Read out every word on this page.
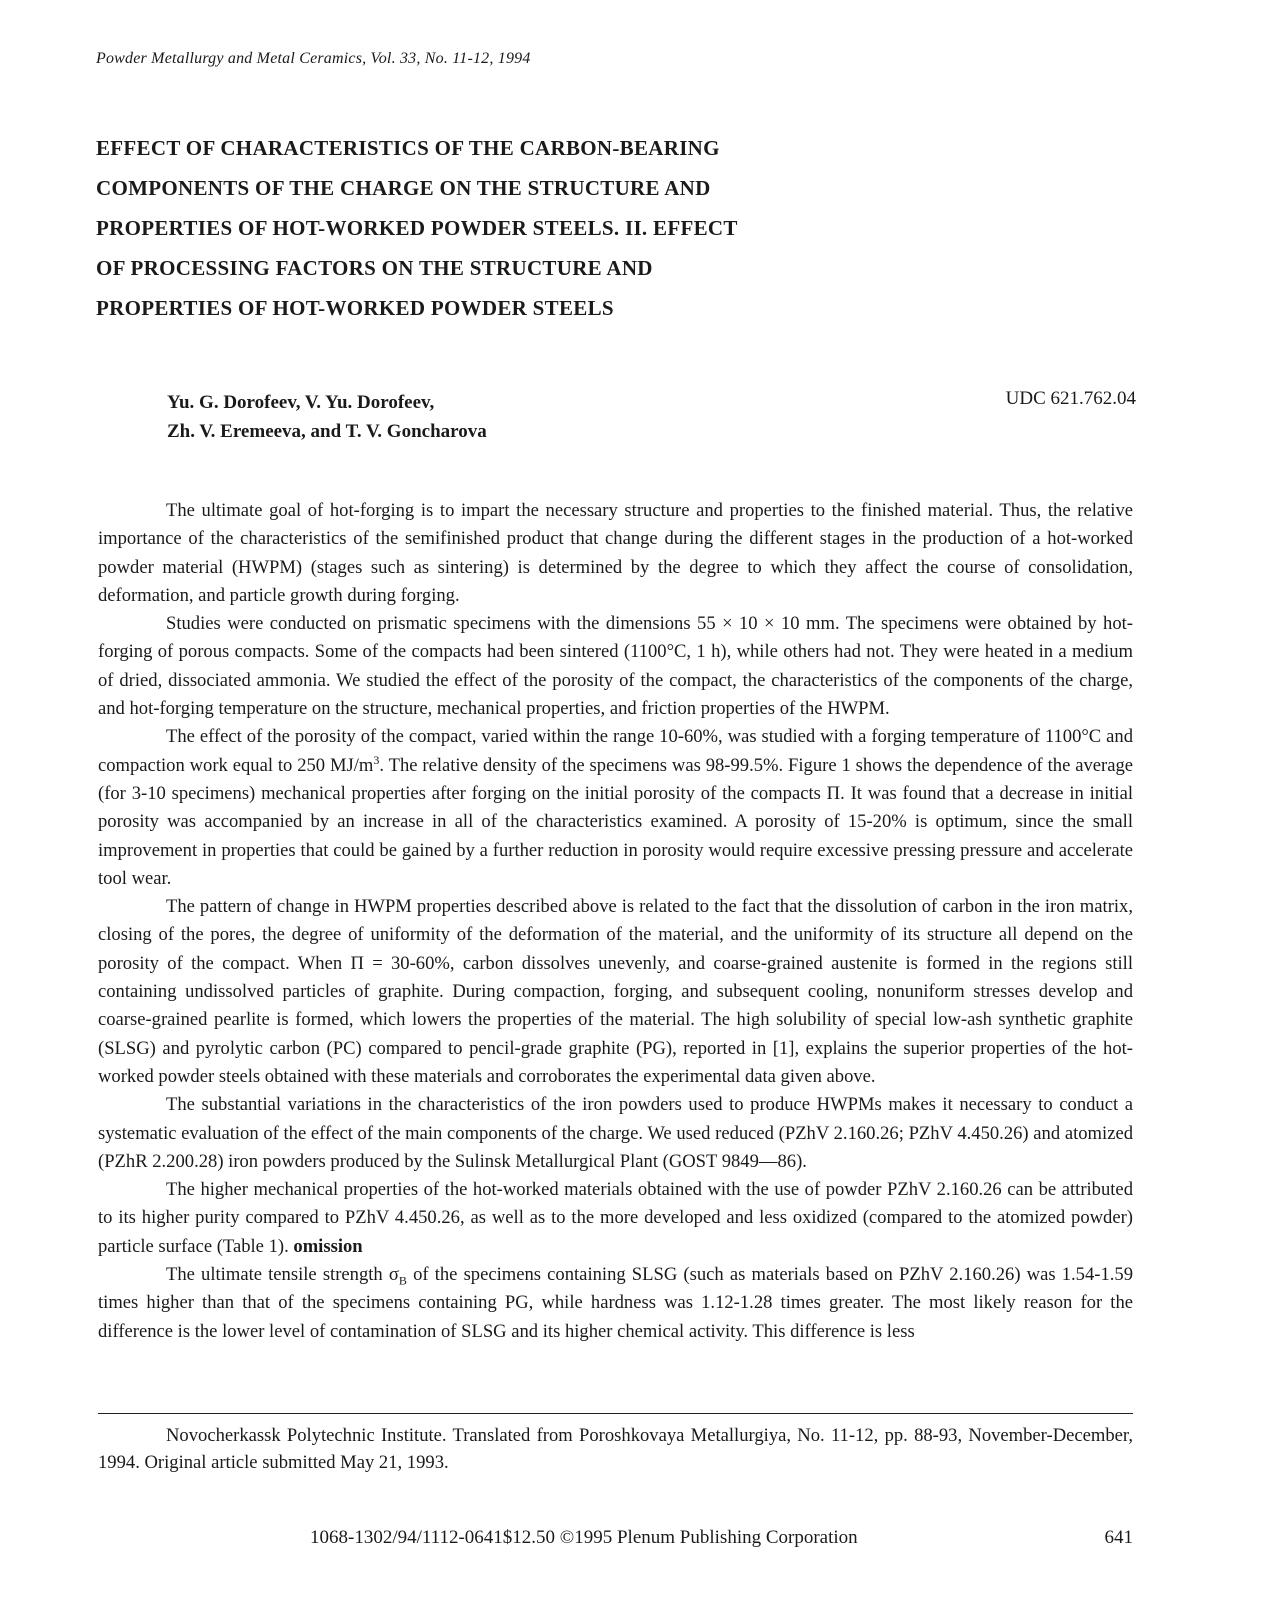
Powder Metallurgy and Metal Ceramics, Vol. 33, No. 11-12, 1994
EFFECT OF CHARACTERISTICS OF THE CARBON-BEARING
COMPONENTS OF THE CHARGE ON THE STRUCTURE AND
PROPERTIES OF HOT-WORKED POWDER STEELS. II. EFFECT
OF PROCESSING FACTORS ON THE STRUCTURE AND
PROPERTIES OF HOT-WORKED POWDER STEELS
Yu. G. Dorofeev, V. Yu. Dorofeev,
Zh. V. Eremeeva, and T. V. Goncharova
UDC 621.762.04

The ultimate goal of hot-forging is to impart the necessary structure and properties to the finished material. Thus, the relative importance of the characteristics of the semifinished product that change during the different stages in the production of a hot-worked powder material (HWPM) (stages such as sintering) is determined by the degree to which they affect the course of consolidation, deformation, and particle growth during forging.

Studies were conducted on prismatic specimens with the dimensions 55 × 10 × 10 mm. The specimens were obtained by hot-forging of porous compacts. Some of the compacts had been sintered (1100°C, 1 h), while others had not. They were heated in a medium of dried, dissociated ammonia. We studied the effect of the porosity of the compact, the characteristics of the components of the charge, and hot-forging temperature on the structure, mechanical properties, and friction properties of the HWPM.

The effect of the porosity of the compact, varied within the range 10-60%, was studied with a forging temperature of 1100°C and compaction work equal to 250 $MJ/m^3$. The relative density of the specimens was 98-99.5%. Figure 1 shows the dependence of the average (for 3-10 specimens) mechanical properties after forging on the initial porosity of the compacts Π. It was found that a decrease in initial porosity was accompanied by an increase in all of the characteristics examined. A porosity of 15-20% is optimum, since the small improvement in properties that could be gained by a further reduction in porosity would require excessive pressing pressure and accelerate tool wear.

The pattern of change in HWPM properties described above is related to the fact that the dissolution of carbon in the iron matrix, closing of the pores, the degree of uniformity of the deformation of the material, and the uniformity of its structure all depend on the porosity of the compact. When Π = 30-60%, carbon dissolves unevenly, and coarse-grained austenite is formed in the regions still containing undissolved particles of graphite. During compaction, forging, and subsequent cooling, nonuniform stresses develop and coarse-grained pearlite is formed, which lowers the properties of the material. The high solubility of special low-ash synthetic graphite (SLSG) and pyrolytic carbon (PC) compared to pencil-grade graphite (PG), reported in [1], explains the superior properties of the hot-worked powder steels obtained with these materials and corroborates the experimental data given above.

The substantial variations in the characteristics of the iron powders used to produce HWPMs makes it necessary to conduct a systematic evaluation of the effect of the main components of the charge. We used reduced (PZhV 2.160.26; PZhV 4.450.26) and atomized (PZhR 2.200.28) iron powders produced by the Sulinsk Metallurgical Plant (GOST 9849—86).

The higher mechanical properties of the hot-worked materials obtained with the use of powder PZhV 2.160.26 can be attributed to its higher purity compared to PZhV 4.450.26, as well as to the more developed and less oxidized (compared to the atomized powder) particle surface (Table 1). omission

The ultimate tensile strength $\sigma_B$ of the specimens containing SLSG (such as materials based on PZhV 2.160.26) was 1.54-1.59 times higher than that of the specimens containing PG, while hardness was 1.12-1.28 times greater. The most likely reason for the difference is the lower level of contamination of SLSG and its higher chemical activity. This difference is less

Novocherkassk Polytechnic Institute. Translated from Poroshkovaya Metallurgiya, No. 11-12, pp. 88-93, November-December, 1994. Original article submitted May 21, 1993.

1068-1302/94/1112-0641$12.50 ©1995 Plenum Publishing Corporation	641
